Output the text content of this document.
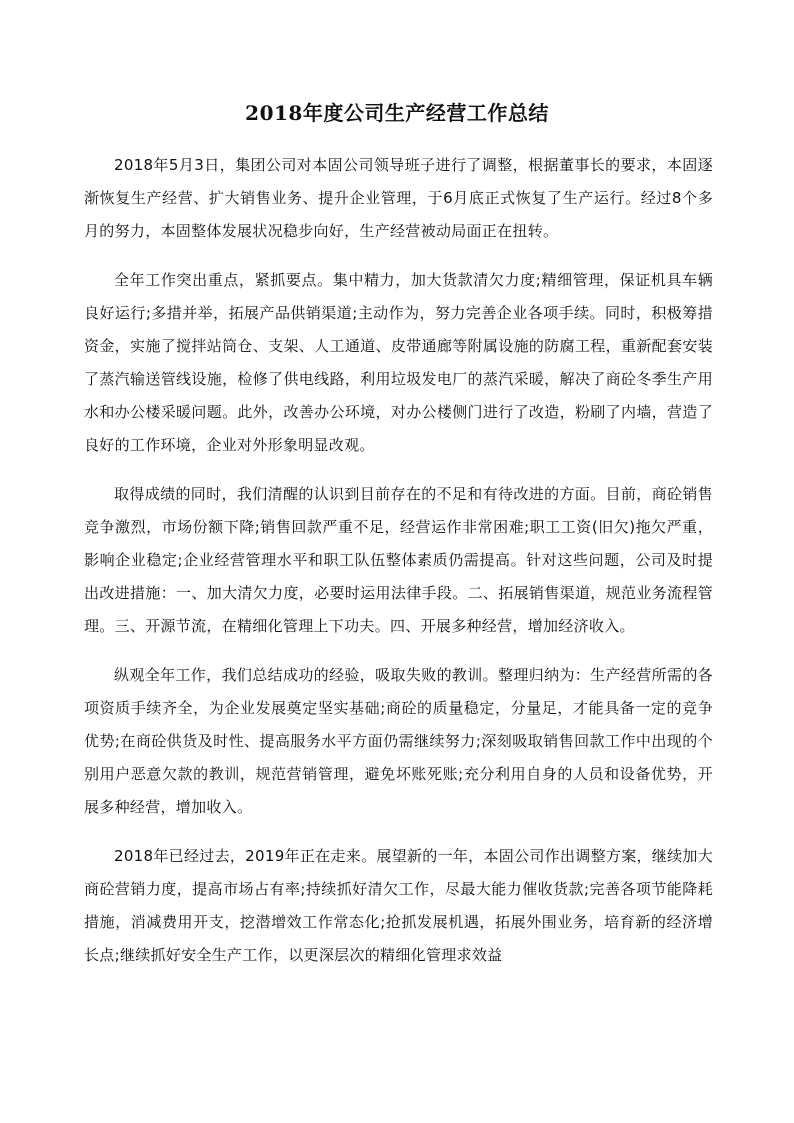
2018年度公司生产经营工作总结

2018年5月3日，集团公司对本固公司领导班子进行了调整，根据董事长的要求，本固逐渐恢复生产经营、扩大销售业务、提升企业管理，于6月底正式恢复了生产运行。经过8个多月的努力，本固整体发展状况稳步向好，生产经营被动局面正在扭转。

全年工作突出重点，紧抓要点。集中精力，加大货款清欠力度;精细管理，保证机具车辆良好运行;多措并举，拓展产品供销渠道;主动作为，努力完善企业各项手续。同时，积极筹措资金，实施了搅拌站筒仓、支架、人工通道、皮带通廊等附属设施的防腐工程，重新配套安装了蒸汽输送管线设施，检修了供电线路，利用垃圾发电厂的蒸汽采暖，解决了商砼冬季生产用水和办公楼采暖问题。此外，改善办公环境，对办公楼侧门进行了改造，粉刷了内墙，营造了良好的工作环境，企业对外形象明显改观。

取得成绩的同时，我们清醒的认识到目前存在的不足和有待改进的方面。目前，商砼销售竞争激烈，市场份额下降;销售回款严重不足，经营运作非常困难;职工工资(旧欠)拖欠严重，影响企业稳定;企业经营管理水平和职工队伍整体素质仍需提高。针对这些问题，公司及时提出改进措施：一、加大清欠力度，必要时运用法律手段。二、拓展销售渠道，规范业务流程管理。三、开源节流，在精细化管理上下功夫。四、开展多种经营，增加经济收入。

纵观全年工作，我们总结成功的经验，吸取失败的教训。整理归纳为：生产经营所需的各项资质手续齐全，为企业发展奠定坚实基础;商砼的质量稳定，分量足，才能具备一定的竞争优势;在商砼供货及时性、提高服务水平方面仍需继续努力;深刻吸取销售回款工作中出现的个别用户恶意欠款的教训，规范营销管理，避免坏账死账;充分利用自身的人员和设备优势，开展多种经营，增加收入。

2018年已经过去，2019年正在走来。展望新的一年，本固公司作出调整方案，继续加大商砼营销力度，提高市场占有率;持续抓好清欠工作，尽最大能力催收货款;完善各项节能降耗措施，消减费用开支，挖潜增效工作常态化;抢抓发展机遇，拓展外围业务，培育新的经济增长点;继续抓好安全生产工作，以更深层次的精细化管理求效益
